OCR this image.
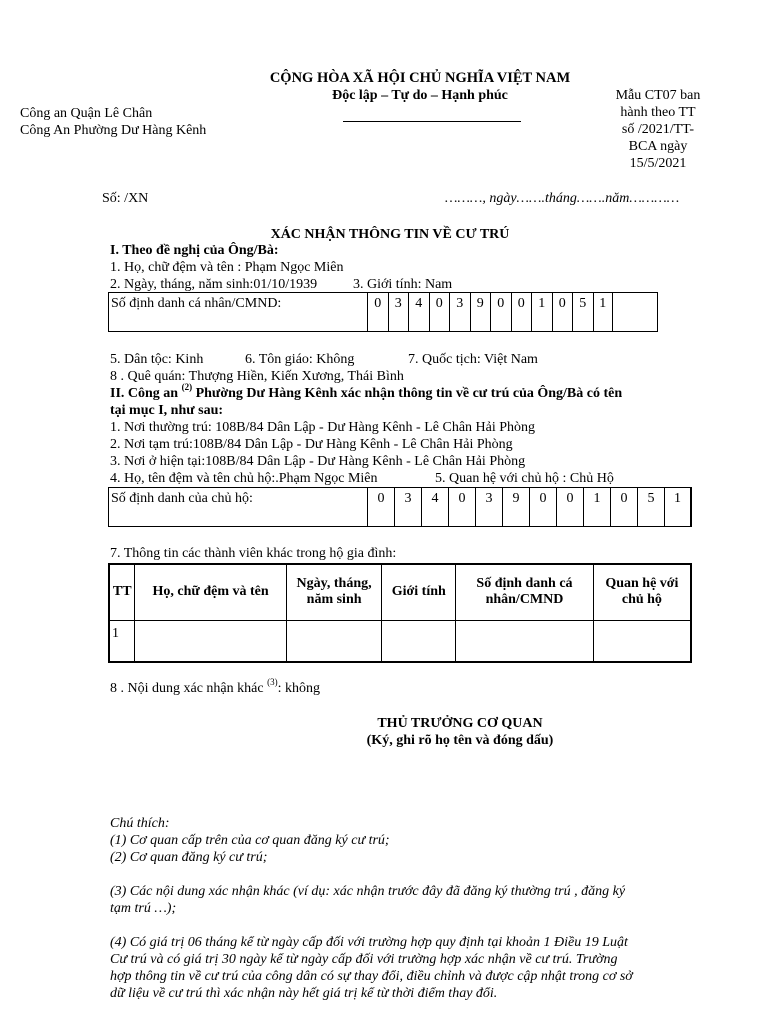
Công an Quận Lê Chân
Công An Phường Dư Hàng Kênh
CỘNG HÒA XÃ HỘI CHỦ NGHĨA VIỆT NAM
Độc lập – Tự do – Hạnh phúc	Mẫu CT07 ban
hành theo TT
số /2021/TT-
BCA ngày
15/5/2021
Số: /XN	………, ngày…….tháng…….năm…………
XÁC NHẬN THÔNG TIN VỀ CƯ TRÚ
I. Theo đề nghị của Ông/Bà:
1. Họ, chữ đệm và tên : Phạm Ngọc Miên
2. Ngày, tháng, năm sinh:01/10/1939	3. Giới tính: Nam
Số định danh cá nhân/CMND:	0 3 4 0 3 9 0 0 1 0 5 1
5. Dân tộc: Kinh	6. Tôn giáo: Không	7. Quốc tịch: Việt Nam
8 . Quê quán: Thượng Hiền, Kiến Xương, Thái Bình
II. Công an $^{(2)}$ Phường Dư Hàng Kênh xác nhận thông tin về cư trú của Ông/Bà có tên
tại mục I, như sau:
1. Nơi thường trú: 108B/84 Dân Lập - Dư Hàng Kênh - Lê Chân Hải Phòng
2. Nơi tạm trú:108B/84 Dân Lập - Dư Hàng Kênh - Lê Chân Hải Phòng
3. Nơi ở hiện tại:108B/84 Dân Lập - Dư Hàng Kênh - Lê Chân Hải Phòng
4. Họ, tên đệm và tên chủ hộ:.Phạm Ngọc Miên	5. Quan hệ với chủ hộ : Chủ Hộ
Số định danh của chủ hộ:	0	3	4	0	3	9	0	0	1	0	5	1
7. Thông tin các thành viên khác trong hộ gia đình:
TT	Họ, chữ đệm và tên	Ngày, tháng, năm sinh	Giới tính	Số định danh cá nhân/CMND	Quan hệ với chủ hộ
1					
8 . Nội dung xác nhận khác $^{(3)}$: không
THỦ TRƯỞNG CƠ QUAN
(Ký, ghi rõ họ tên và đóng dấu)
Chú thích:
(1) Cơ quan cấp trên của cơ quan đăng ký cư trú;
(2) Cơ quan đăng ký cư trú;
(3) Các nội dung xác nhận khác (ví dụ: xác nhận trước đây đã đăng ký thường trú , đăng ký
tạm trú …);
(4) Có giá trị 06 tháng kể từ ngày cấp đối với trường hợp quy định tại khoản 1 Điều 19 Luật
Cư trú và có giá trị 30 ngày kể từ ngày cấp đối với trường hợp xác nhận về cư trú. Trường
hợp thông tin về cư trú của công dân có sự thay đổi, điều chỉnh và được cập nhật trong cơ sở
dữ liệu về cư trú thì xác nhận này hết giá trị kể từ thời điểm thay đổi.
